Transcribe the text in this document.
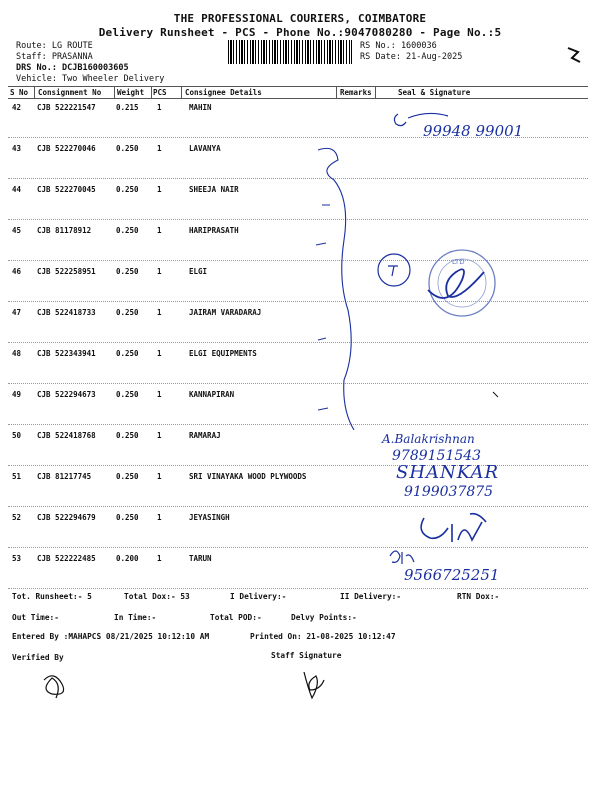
THE PROFESSIONAL COURIERS, COIMBATORE
Delivery Runsheet - PCS - Phone No.:9047080280 - Page No.:5
Route: LG ROUTE
Staff: PRASANNA
DRS No.: DCJB160003605
Vehicle: Two Wheeler Delivery
RS No.: 1600036
RS Date: 21-Aug-2025
S No Consignment No Weight PCS Consignee Details	Remarks	Seal & Signature
42 CJB 522221547	0.215 1	MAHIN
43 CJB 522270046	0.250 1	LAVANYA
44 CJB 522270045	0.250 1	SHEEJA NAIR
45 CJB 81178912	0.250 1	HARIPRASATH
46 CJB 522258951	0.250 1	ELGI
47 CJB 522418733	0.250 1	JAIRAM VARADARAJ
48 CJB 522343941	0.250 1	ELGI EQUIPMENTS
49 CJB 522294673	0.250 1	KANNAPIRAN
50 CJB 522418768	0.250 1	RAMARAJ
51 CJB 81217745	0.250 1	SRI VINAYAKA WOOD PLYWOODS
52 CJB 522294679	0.250 1	JEYASINGH
53 CJB 522222485	0.200 1	TARUN
Tot. Runsheet:- 5	Total Dox:- 53	I Delivery:-	II Delivery:-	RTN Dox:-
Out Time:-	In Time:-	Total POD:-	Delvy Points:-
Entered By :MAHAPCS 08/21/2025 10:12:10 AM	Printed On: 21-08-2025 10:12:47
Verified By	Staff Signature
99948 99001
A.Balakrishnan
9789151543
SHANKAR
9199037875
9566725251
LTD
